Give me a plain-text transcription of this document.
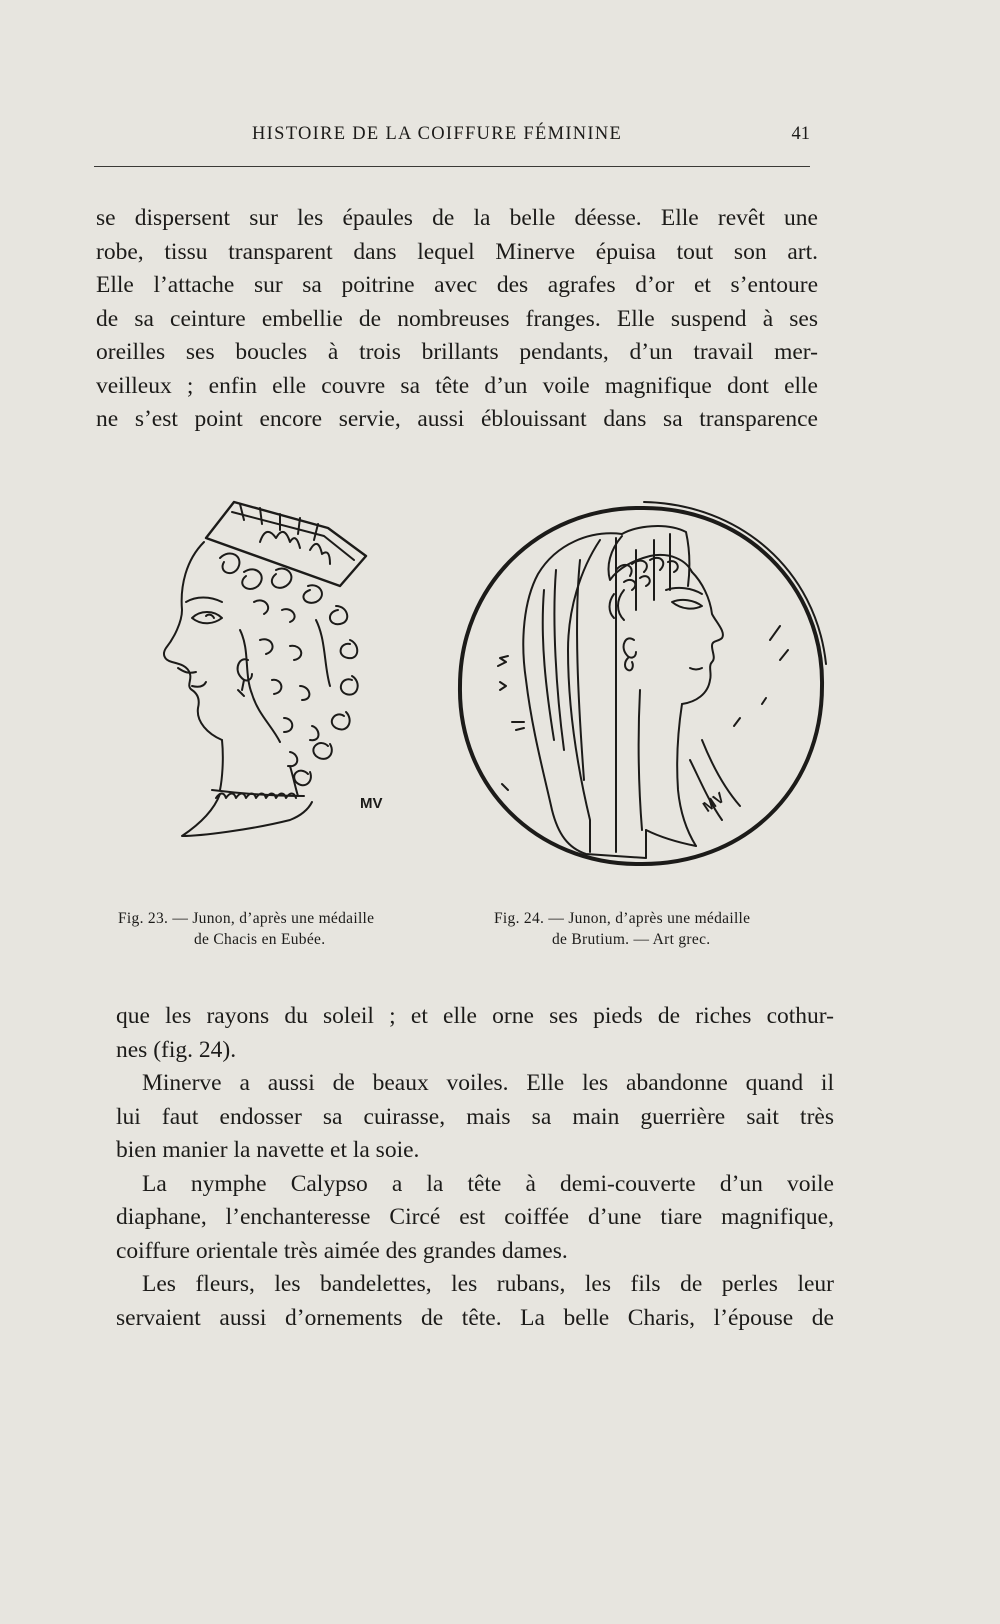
HISTOIRE DE LA COIFFURE FÉMININE	41

se dispersent sur les épaules de la belle déesse. Elle revêt une
robe, tissu transparent dans lequel Minerve épuisa tout son art.
Elle l’attache sur sa poitrine avec des agrafes d’or et s’entoure
de sa ceinture embellie de nombreuses franges. Elle suspend à ses
oreilles ses boucles à trois brillants pendants, d’un travail mer-
veilleux ; enfin elle couvre sa tête d’un voile magnifique dont elle
ne s’est point encore servie, aussi éblouissant dans sa transparence

MV	MV
Fig. 23. — Junon, d’après une médaille
de Chacis en Eubée.
Fig. 24. — Junon, d’après une médaille
de Brutium. — Art grec.

que les rayons du soleil ; et elle orne ses pieds de riches cothur-
nes (fig. 24).
Minerve a aussi de beaux voiles. Elle les abandonne quand il
lui faut endosser sa cuirasse, mais sa main guerrière sait très
bien manier la navette et la soie.
La nymphe Calypso a la tête à demi-couverte d’un voile
diaphane, l’enchanteresse Circé est coiffée d’une tiare magnifique,
coiffure orientale très aimée des grandes dames.
Les fleurs, les bandelettes, les rubans, les fils de perles leur
servaient aussi d’ornements de tête. La belle Charis, l’épouse de
